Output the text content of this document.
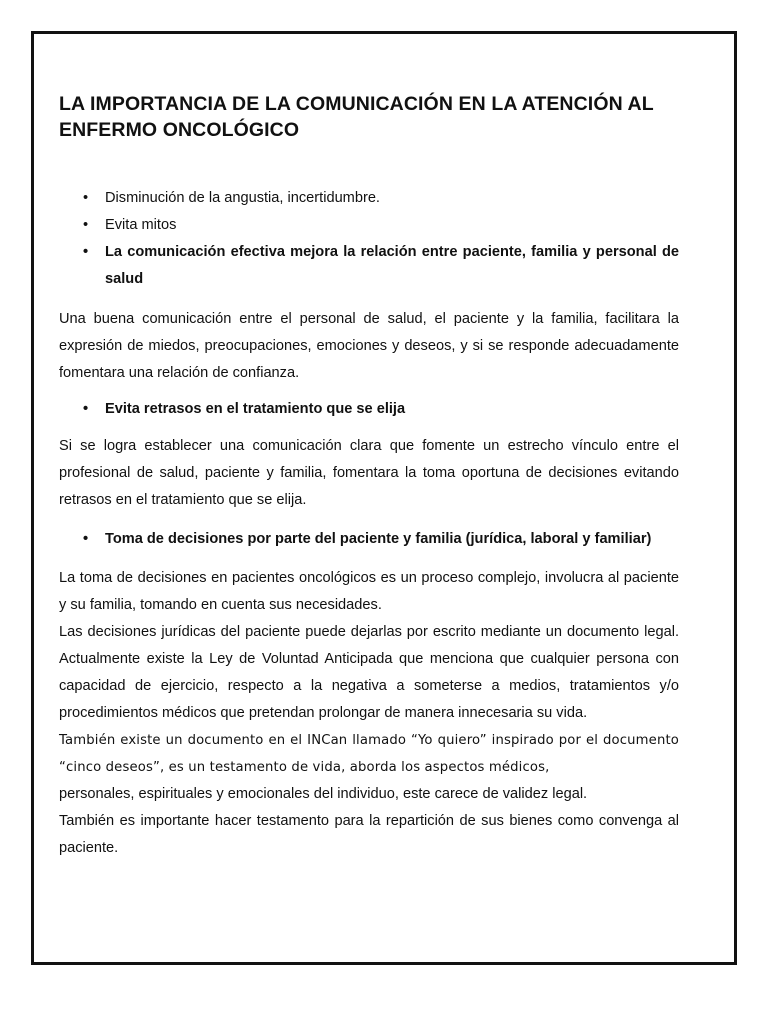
LA IMPORTANCIA DE LA COMUNICACIÓN EN LA ATENCIÓN AL ENFERMO ONCOLÓGICO
•	Disminución de la angustia, incertidumbre.
•	Evita mitos
•	La comunicación efectiva mejora la relación entre paciente, familia y personal de salud

Una buena comunicación entre el personal de salud, el paciente y la familia, facilitara la expresión de miedos, preocupaciones, emociones y deseos, y si se responde adecuadamente fomentara una relación de confianza.

•	Evita retrasos en el tratamiento que se elija

Si se logra establecer una comunicación clara que fomente un estrecho vínculo entre el profesional de salud, paciente y familia, fomentara la toma oportuna de decisiones evitando retrasos en el tratamiento que se elija.

•	Toma de decisiones por parte del paciente y familia (jurídica, laboral y familiar)

La toma de decisiones en pacientes oncológicos es un proceso complejo, involucra al paciente y su familia, tomando en cuenta sus necesidades.

Las decisiones jurídicas del paciente puede dejarlas por escrito mediante un documento legal. Actualmente existe la Ley de Voluntad Anticipada que menciona que cualquier persona con capacidad de ejercicio, respecto a la negativa a someterse a medios, tratamientos y/o procedimientos médicos que pretendan prolongar de manera innecesaria su vida.

También existe un documento en el INCan llamado “Yo quiero” inspirado por el documento “cinco deseos”, es un testamento de vida, aborda los aspectos médicos,

personales, espirituales y emocionales del individuo, este carece de validez legal.

También es importante hacer testamento para la repartición de sus bienes como convenga al paciente.
